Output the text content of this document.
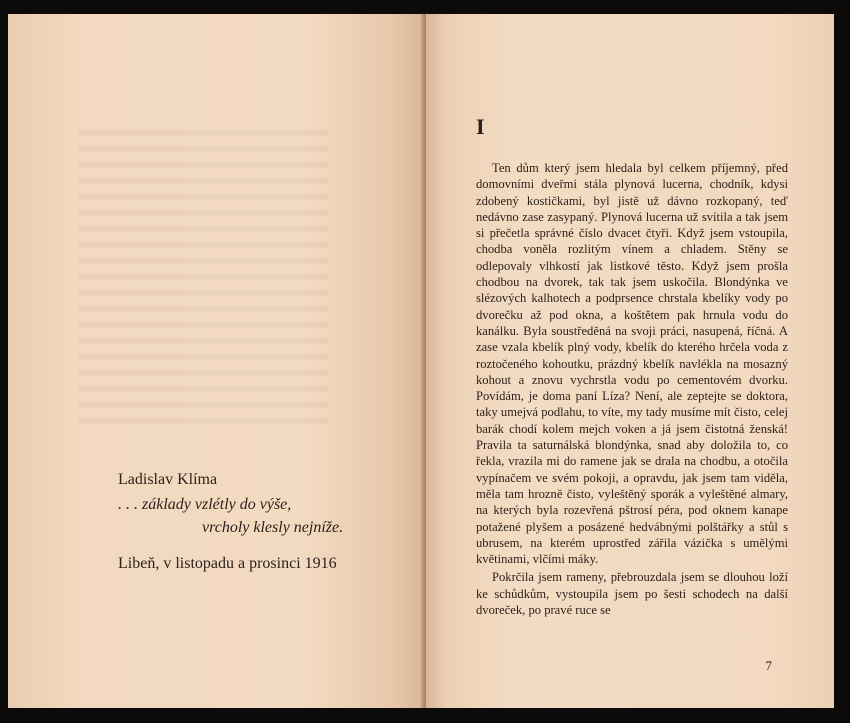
Ladislav Klíma

. . . základy vzlétly do výše,
vrcholy klesly nejníže.

Libeň, v listopadu a prosinci 1916

I

Ten dům který jsem hledala byl celkem příjemný, před domovními dveřmi stála plynová lucerna, chodník, kdysi zdobený kostičkami, byl jistě už dávno rozkopaný, teď nedávno zase zasypaný. Plynová lucerna už svítila a tak jsem si přečetla správné číslo dvacet čtyři. Když jsem vstoupila, chodba voněla rozlitým vínem a chladem. Stěny se odlepovaly vlhkostí jak listkové těsto. Když jsem prošla chodbou na dvorek, tak tak jsem uskočila. Blondýnka ve slézových kalhotech a podprsence chrstala kbelíky vody po dvorečku až pod okna, a koštětem pak hrnula vodu do kanálku. Byla soustředěná na svoji práci, nasupená, říčná. A zase vzala kbelík plný vody, kbelík do kterého hrčela voda z roztočeného kohoutku, prázdný kbelík navlékla na mosazný kohout a znovu vychrstla vodu po cementovém dvorku. Povídám, je doma paní Líza? Není, ale zeptejte se doktora, taky umejvá podlahu, to víte, my tady musíme mít čisto, celej barák chodí kolem mejch voken a já jsem čistotná ženská! Pravila ta saturnálská blondýnka, snad aby doložila to, co řekla, vrazila mi do ramene jak se drala na chodbu, a otočila vypínačem ve svém pokoji, a opravdu, jak jsem tam viděla, měla tam hrozně čisto, vyleštěný sporák a vyleštěné almary, na kterých byla rozevřená pštrosí péra, pod oknem kanape potažené plyšem a posázené hedvábnými polštářky a stůl s ubrusem, na kterém uprostřed zářila vázička s umělými květinami, vlčími máky.

Pokrčila jsem rameny, přebrouzdala jsem se dlouhou loží ke schůdkům, vystoupila jsem po šesti schodech na další dvoreček, po pravé ruce se

7
